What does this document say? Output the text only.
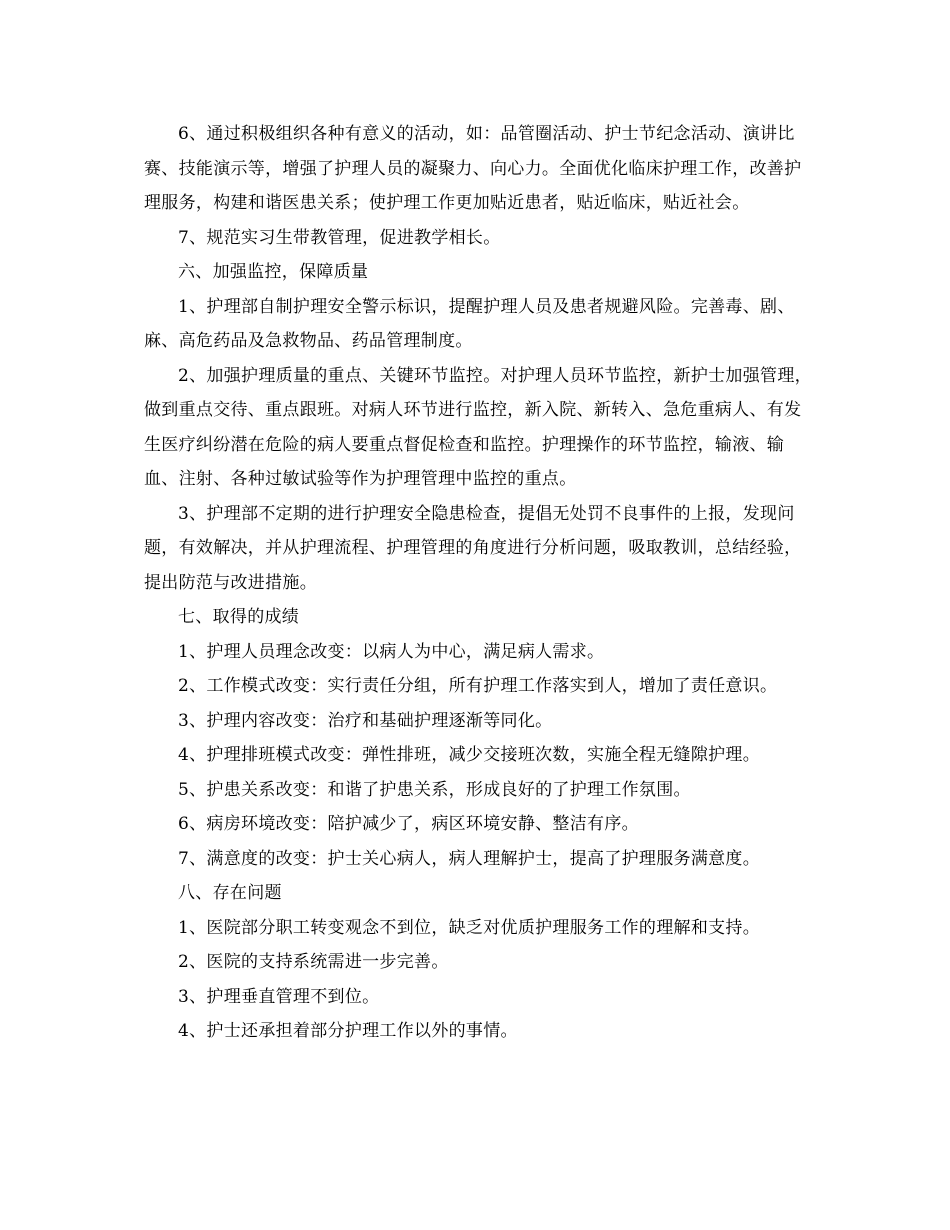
6、通过积极组织各种有意义的活动，如：品管圈活动、护士节纪念活动、演讲比赛、技能演示等，增强了护理人员的凝聚力、向心力。全面优化临床护理工作，改善护理服务，构建和谐医患关系；使护理工作更加贴近患者，贴近临床，贴近社会。

7、规范实习生带教管理，促进教学相长。

六、加强监控，保障质量

1、护理部自制护理安全警示标识，提醒护理人员及患者规避风险。完善毒、剧、麻、高危药品及急救物品、药品管理制度。

2、加强护理质量的重点、关键环节监控。对护理人员环节监控，新护士加强管理，做到重点交待、重点跟班。对病人环节进行监控，新入院、新转入、急危重病人、有发生医疗纠纷潜在危险的病人要重点督促检查和监控。护理操作的环节监控，输液、输血、注射、各种过敏试验等作为护理管理中监控的重点。

3、护理部不定期的进行护理安全隐患检查，提倡无处罚不良事件的上报，发现问题，有效解决，并从护理流程、护理管理的角度进行分析问题，吸取教训，总结经验，提出防范与改进措施。

七、取得的成绩

1、护理人员理念改变：以病人为中心，满足病人需求。

2、工作模式改变：实行责任分组，所有护理工作落实到人，增加了责任意识。

3、护理内容改变：治疗和基础护理逐渐等同化。

4、护理排班模式改变：弹性排班，减少交接班次数，实施全程无缝隙护理。

5、护患关系改变：和谐了护患关系，形成良好的了护理工作氛围。

6、病房环境改变：陪护减少了，病区环境安静、整洁有序。

7、满意度的改变：护士关心病人，病人理解护士，提高了护理服务满意度。

八、存在问题

1、医院部分职工转变观念不到位，缺乏对优质护理服务工作的理解和支持。

2、医院的支持系统需进一步完善。

3、护理垂直管理不到位。

4、护士还承担着部分护理工作以外的事情。
